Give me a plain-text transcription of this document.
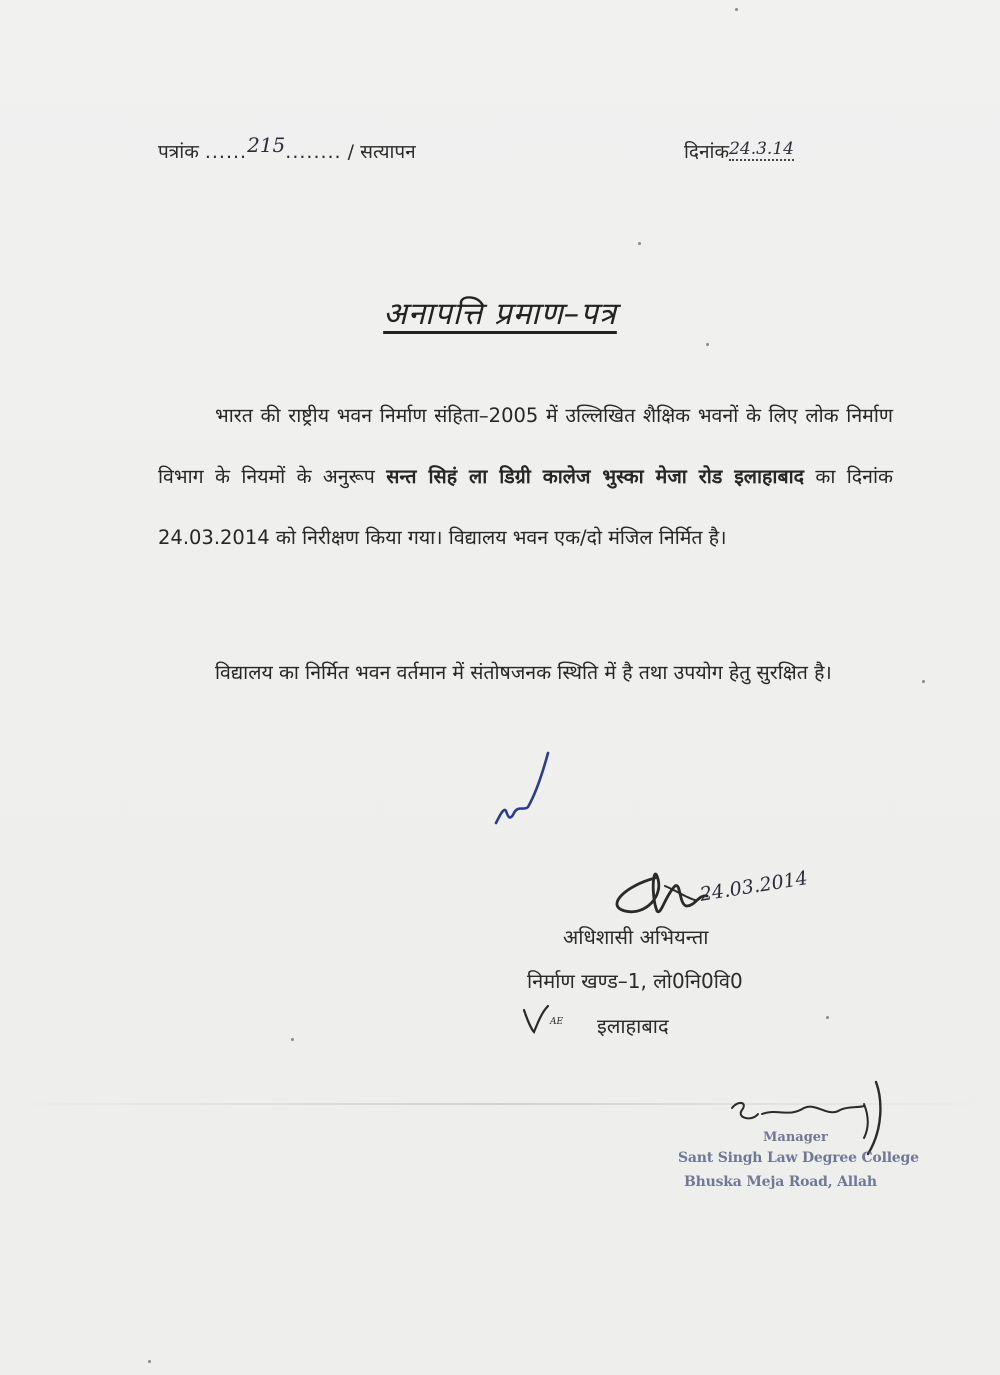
पत्रांक ......215........ / सत्यापन	दिनांक24.3.14
अनापत्ति प्रमाण–पत्र
भारत की राष्ट्रीय भवन निर्माण संहिता–2005 में उल्लिखित शैक्षिक भवनों के लिए लोक निर्माण विभाग के नियमों के अनुरूप सन्त सिहं ला डिग्री कालेज भुस्का मेजा रोड इलाहाबाद का दिनांक 24.03.2014 को निरीक्षण किया गया। विद्यालय भवन एक/दो मंजिल निर्मित है।
विद्यालय का निर्मित भवन वर्तमान में संतोषजनक स्थिति में है तथा उपयोग हेतु सुरक्षित है।
24.03.2014
अधिशासी अभियन्ता
निर्माण खण्ड–1, लो0नि0वि0
AE इलाहाबाद
Manager
Sant Singh Law Degree College
Bhuska Meja Road, Allah
